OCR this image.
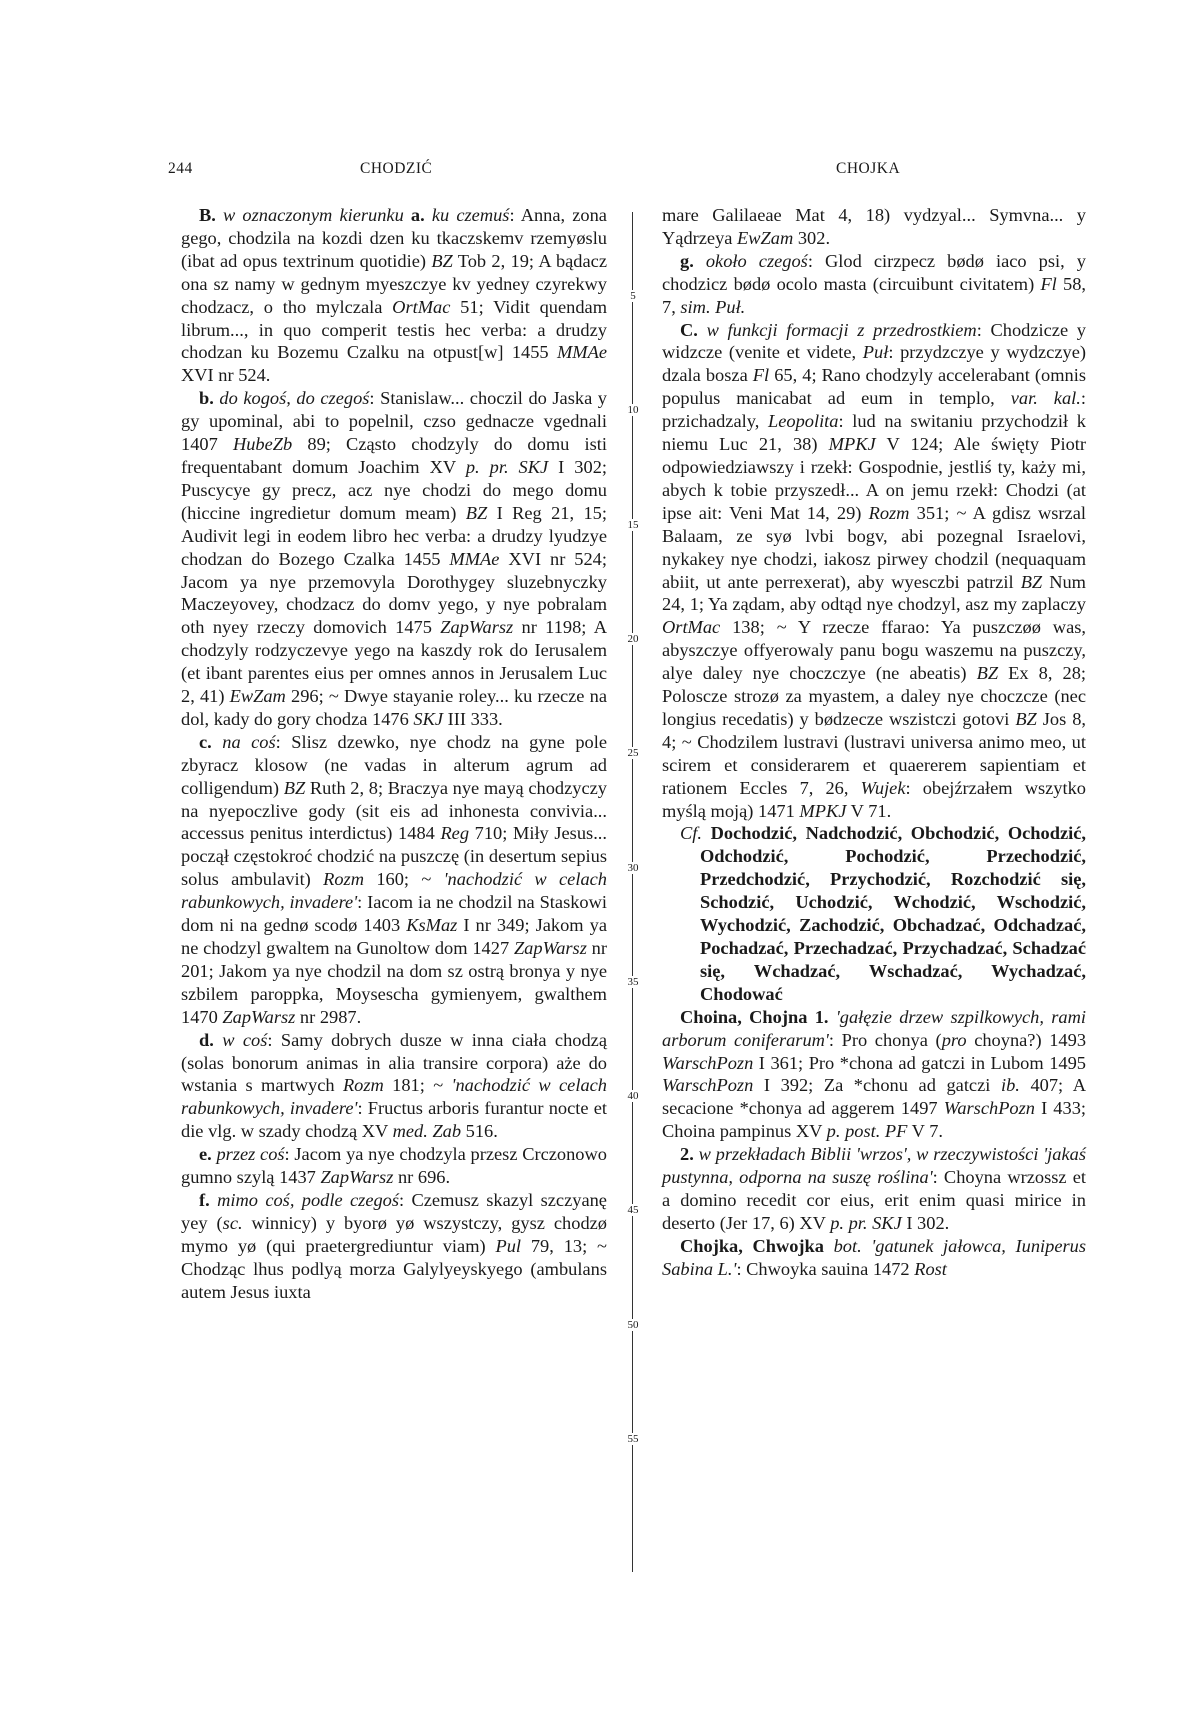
244	CHODZIĆ	CHOJKA

B. w oznaczonym kierunku a. ku czemuś: Anna, zona gego, chodzila na kozdi dzen ku tkaczskemv rzemyøslu (ibat ad opus textrinum quotidie) BZ Tob 2, 19; A bądacz ona sz namy w gednym myeszczye kv yedney czyrekwy chodzacz, o tho mylczala OrtMac 51; Vidit quendam librum..., in quo comperit testis hec verba: a drudzy chodzan ku Bozemu Czalku na otpust[w] 1455 MMAe XVI nr 524.

b. do kogoś, do czegoś: Stanislaw... choczil do Jaska y gy upominal, abi to popelnil, czso gednacze vgednali 1407 HubeZb 89; Cząsto chodzyly do domu isti frequentabant domum Joachim XV p. pr. SKJ I 302; Puscycye gy precz, acz nye chodzi do mego domu (hiccine ingredietur domum meam) BZ I Reg 21, 15; Audivit legi in eodem libro hec verba: a drudzy lyudzye chodzan do Bozego Czalka 1455 MMAe XVI nr 524; Jacom ya nye przemovyla Dorothygey sluzebnyczky Maczeyovey, chodzacz do domv yego, y nye pobralam oth nyey rzeczy domovich 1475 ZapWarsz nr 1198; A chodzyly rodzyczevye yego na kaszdy rok do Ierusalem (et ibant parentes eius per omnes annos in Jerusalem Luc 2, 41) EwZam 296; ~ Dwye stayanie roley... ku rzecze na dol, kady do gory chodza 1476 SKJ III 333.

c. na coś: Slisz dzewko, nye chodz na gyne pole zbyracz klosow (ne vadas in alterum agrum ad colligendum) BZ Ruth 2, 8; Braczya nye mayą chodzyczy na nyepoczlive gody (sit eis ad inhonesta convivia... accessus penitus interdictus) 1484 Reg 710; Miły Jesus... począł częstokroć chodzić na puszczę (in desertum sepius solus ambulavit) Rozm 160; ~ 'nachodzić w celach rabunkowych, invadere': Iacom ia ne chodzil na Staskowi dom ni na gednø scodø 1403 KsMaz I nr 349; Jakom ya ne chodzyl gwaltem na Gunoltow dom 1427 ZapWarsz nr 201; Jakom ya nye chodzil na dom sz ostrą bronya y nye szbilem paroppka, Moysescha gymienyem, gwalthem 1470 ZapWarsz nr 2987.

d. w coś: Samy dobrych dusze w inna ciała chodzą (solas bonorum animas in alia transire corpora) aże do wstania s martwych Rozm 181; ~ 'nachodzić w celach rabunkowych, invadere': Fructus arboris furantur nocte et die vlg. w szady chodzą XV med. Zab 516.

e. przez coś: Jacom ya nye chodzyla przesz Crczonowo gumno szylą 1437 ZapWarsz nr 696.

f. mimo coś, podle czegoś: Czemusz skazyl szczyanę yey (sc. winnicy) y byorø yø wszystczy, gysz chodzø mymo yø (qui praetergrediuntur viam) Pul 79, 13; ~ Chodząc lhus podlyą morza Galylyeyskyego (ambulans autem Jesus iuxta

5
10
15
20
25
30
35
40
45
50
55

mare Galilaeae Mat 4, 18) vydzyal... Symvna... y Yądrzeya EwZam 302.

g. około czegoś: Glod cirzpecz bødø iaco psi, y chodzicz bødø ocolo masta (circuibunt civitatem) Fl 58, 7, sim. Puł.

C. w funkcji formacji z przedrostkiem: Chodzicze y widzcze (venite et videte, Puł: przydzczye y wydzczye) dzala bosza Fl 65, 4; Rano chodzyly accelerabant (omnis populus manicabat ad eum in templo, var. kal.: przichadzaly, Leopolita: lud na switaniu przychodził k niemu Luc 21, 38) MPKJ V 124; Ale święty Piotr odpowiedziawszy i rzekł: Gospodnie, jestliś ty, każy mi, abych k tobie przyszedł... A on jemu rzekł: Chodzi (at ipse ait: Veni Mat 14, 29) Rozm 351; ~ A gdisz wsrzal Balaam, ze syø lvbi bogv, abi pozegnal Israelovi, nykakey nye chodzi, iakosz pirwey chodzil (nequaquam abiit, ut ante perrexerat), aby wyesczbi patrzil BZ Num 24, 1; Ya ządam, aby odtąd nye chodzyl, asz my zaplaczy OrtMac 138; ~ Y rzecze ffarao: Ya puszczøø was, abyszczye offyerowaly panu bogu waszemu na puszczy, alye daley nye choczczye (ne abeatis) BZ Ex 8, 28; Polosсze strozø za myastem, a daley nye choczcze (nec longius recedatis) y bødzecze wszistczi gotovi BZ Jos 8, 4; ~ Chodzilem lustravi (lustravi universa animo meo, ut scirem et considerarem et quaererem sapientiam et rationem Eccles 7, 26, Wujek: obejźrzałem wszytko myślą moją) 1471 MPKJ V 71.

Cf. Dochodzić, Nadchodzić, Obchodzić, Ochodzić, Odchodzić, Pochodzić, Przechodzić, Przedchodzić, Przychodzić, Rozchodzić się, Schodzić, Uchodzić, Wchodzić, Wschodzić, Wychodzić, Zachodzić, Obchadzać, Odchadzać, Pochadzać, Przechadzać, Przychadzać, Schadzać się, Wchadzać, Wschadzać, Wychadzać, Chodować

Choina, Chojna 1. 'gałęzie drzew szpilkowych, rami arborum coniferarum': Pro chonya (pro choyna?) 1493 WarschPozn I 361; Pro *chona ad gatczi in Lubom 1495 WarschPozn I 392; Za *chonu ad gatczi ib. 407; A secacione *chonya ad aggerem 1497 WarschPozn I 433; Choina pampinus XV p. post. PF V 7.

2. w przekładach Biblii 'wrzos', w rzeczywistości 'jakaś pustynna, odporna na suszę roślina': Choyna wrzossz et a domino recedit cor eius, erit enim quasi mirice in deserto (Jer 17, 6) XV p. pr. SKJ I 302.

Chojka, Chwojka bot. 'gatunek jałowca, Iuniperus Sabina L.': Chwoyka sauina 1472 Rost
